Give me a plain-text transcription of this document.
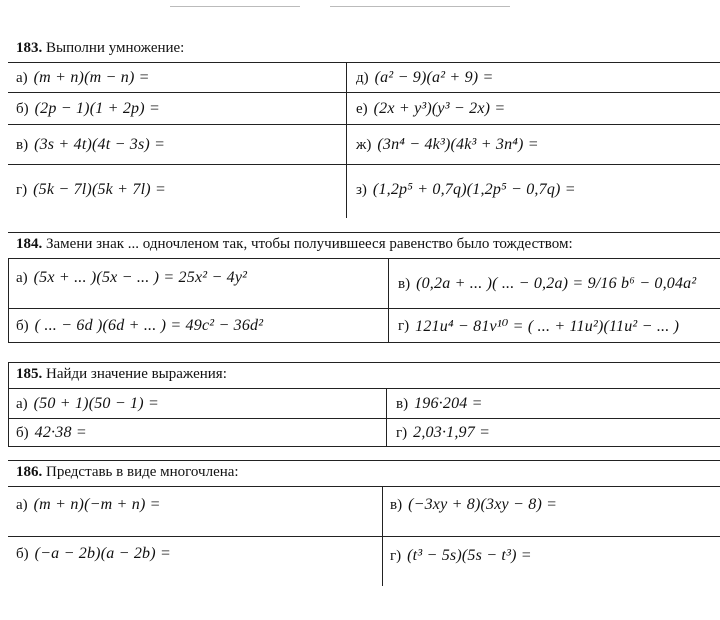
183. Выполни умножение:
а) (m + n)(m − n) =
б) (2p − 1)(1 + 2p) =
в) (3s + 4t)(4t − 3s) =
г) (5k − 7l)(5k + 7l) =
д) (a² − 9)(a² + 9) =
е) (2x + y³)(y³ − 2x) =
ж) (3n⁴ − 4k³)(4k³ + 3n⁴) =
з) (1,2p⁵ + 0,7q)(1,2p⁵ − 0,7q) =
184. Замени знак ... одночленом так, чтобы получившееся равенство было тождеством:
а) (5x + ... )(5x − ... ) = 25x² − 4y²
б) ( ... − 6d )(6d + ... ) = 49c² − 36d²
в) (0,2a + ... )( ... − 0,2a) = 9/16 b⁶ − 0,04a²
г) 121u⁴ − 81v¹⁰ = ( ... + 11u²)(11u² − ... )
185. Найди значение выражения:
а) (50 + 1)(50 − 1) =
б) 42·38 =
в) 196·204 =
г) 2,03·1,97 =
186. Представь в виде многочлена:
а) (m + n)(−m + n) =
б) (−a − 2b)(a − 2b) =
в) (−3xy + 8)(3xy − 8) =
г) (t³ − 5s)(5s − t³) =
